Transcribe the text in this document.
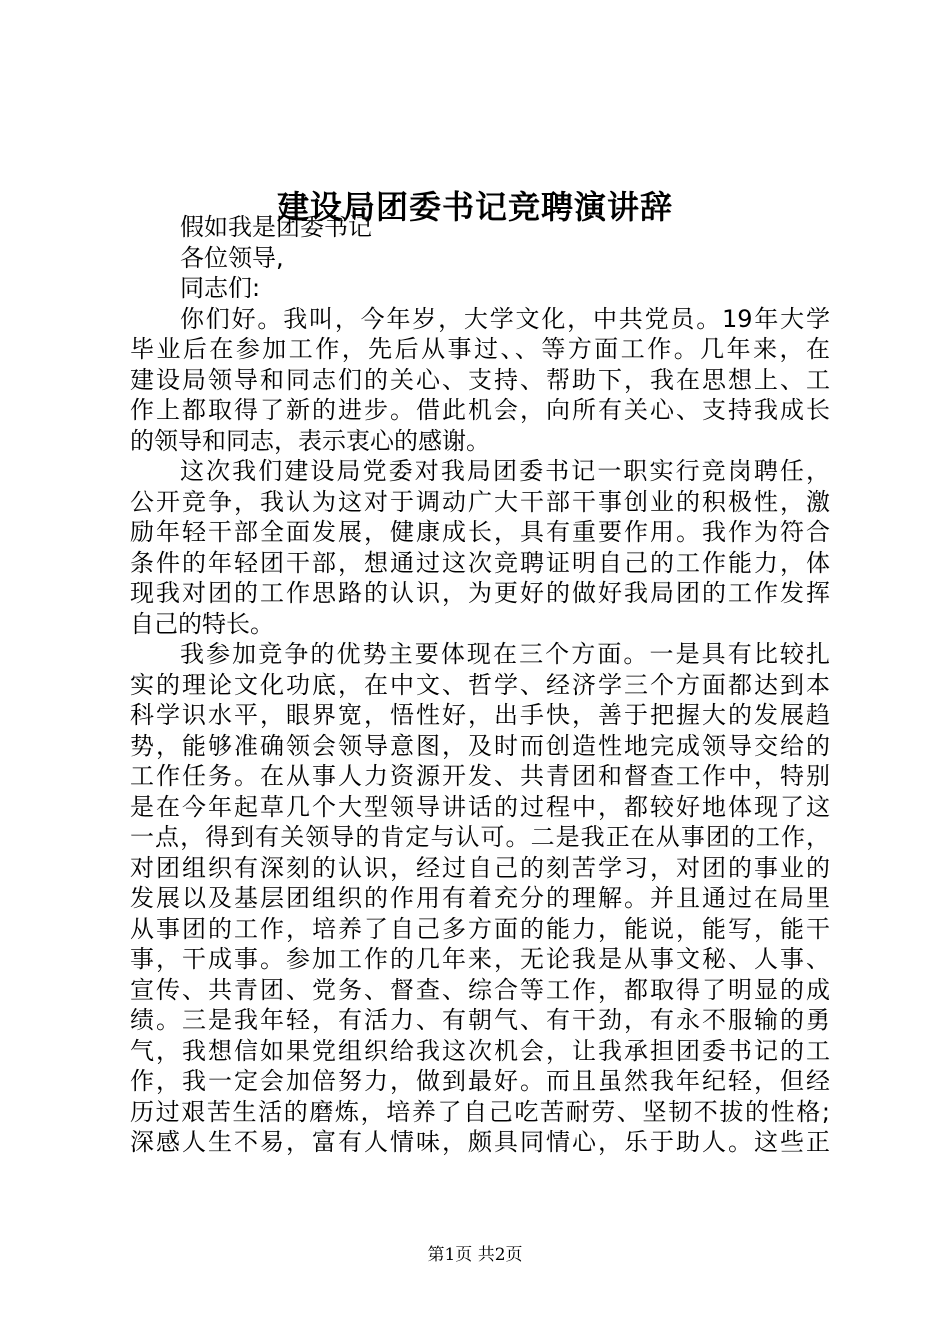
建设局团委书记竞聘演讲辞
假如我是团委书记
各位领导,
同志们:
你们好。我叫，今年岁，大学文化，中共党员。19年大学
毕业后在参加工作，先后从事过、、等方面工作。几年来，在
建设局领导和同志们的关心、支持、帮助下，我在思想上、工
作上都取得了新的进步。借此机会，向所有关心、支持我成长
的领导和同志，表示衷心的感谢。
这次我们建设局党委对我局团委书记一职实行竞岗聘任，
公开竞争，我认为这对于调动广大干部干事创业的积极性，激
励年轻干部全面发展，健康成长，具有重要作用。我作为符合
条件的年轻团干部，想通过这次竞聘证明自己的工作能力，体
现我对团的工作思路的认识，为更好的做好我局团的工作发挥
自己的特长。
我参加竞争的优势主要体现在三个方面。一是具有比较扎
实的理论文化功底，在中文、哲学、经济学三个方面都达到本
科学识水平，眼界宽，悟性好，出手快，善于把握大的发展趋
势，能够准确领会领导意图，及时而创造性地完成领导交给的
工作任务。在从事人力资源开发、共青团和督查工作中，特别
是在今年起草几个大型领导讲话的过程中，都较好地体现了这
一点，得到有关领导的肯定与认可。二是我正在从事团的工作，
对团组织有深刻的认识，经过自己的刻苦学习，对团的事业的
发展以及基层团组织的作用有着充分的理解。并且通过在局里
从事团的工作，培养了自己多方面的能力，能说，能写，能干
事，干成事。参加工作的几年来，无论我是从事文秘、人事、
宣传、共青团、党务、督查、综合等工作，都取得了明显的成
绩。三是我年轻，有活力、有朝气、有干劲，有永不服输的勇
气，我想信如果党组织给我这次机会，让我承担团委书记的工
作，我一定会加倍努力，做到最好。而且虽然我年纪轻，但经
历过艰苦生活的磨炼，培养了自己吃苦耐劳、坚韧不拔的性格;
深感人生不易，富有人情味，颇具同情心，乐于助人。这些正
第1页 共2页
